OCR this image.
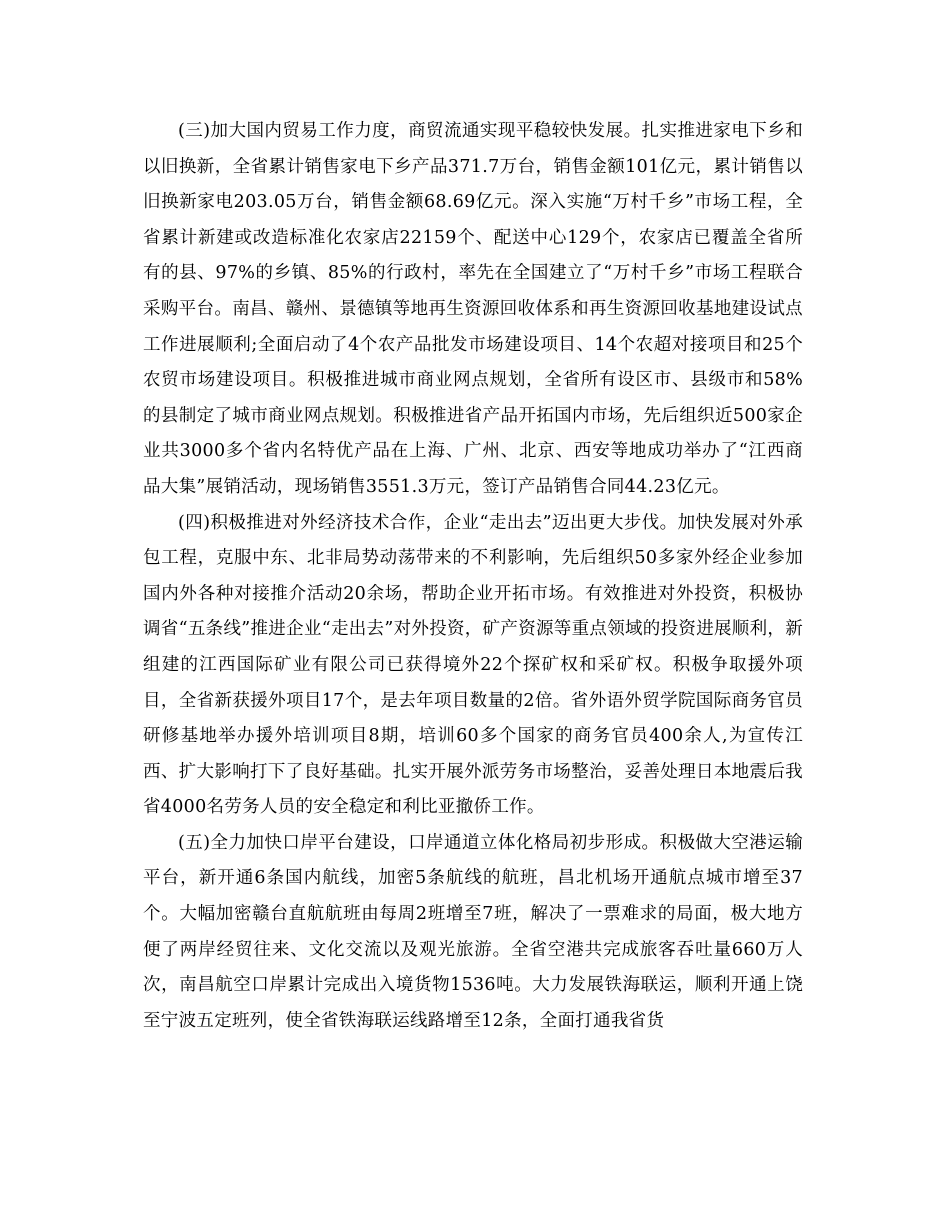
(三)加大国内贸易工作力度，商贸流通实现平稳较快发展。扎实推进家电下乡和以旧换新，全省累计销售家电下乡产品371.7万台，销售金额101亿元，累计销售以旧换新家电203.05万台，销售金额68.69亿元。深入实施“万村千乡”市场工程，全省累计新建或改造标准化农家店22159个、配送中心129个，农家店已覆盖全省所有的县、97%的乡镇、85%的行政村，率先在全国建立了“万村千乡”市场工程联合采购平台。南昌、赣州、景德镇等地再生资源回收体系和再生资源回收基地建设试点工作进展顺利;全面启动了4个农产品批发市场建设项目、14个农超对接项目和25个农贸市场建设项目。积极推进城市商业网点规划，全省所有设区市、县级市和58%的县制定了城市商业网点规划。积极推进省产品开拓国内市场，先后组织近500家企业共3000多个省内名特优产品在上海、广州、北京、西安等地成功举办了“江西商品大集”展销活动，现场销售3551.3万元，签订产品销售合同44.23亿元。

(四)积极推进对外经济技术合作，企业“走出去”迈出更大步伐。加快发展对外承包工程，克服中东、北非局势动荡带来的不利影响，先后组织50多家外经企业参加国内外各种对接推介活动20余场，帮助企业开拓市场。有效推进对外投资，积极协调省“五条线”推进企业“走出去”对外投资，矿产资源等重点领域的投资进展顺利，新组建的江西国际矿业有限公司已获得境外22个探矿权和采矿权。积极争取援外项目，全省新获援外项目17个，是去年项目数量的2倍。省外语外贸学院国际商务官员研修基地举办援外培训项目8期，培训60多个国家的商务官员400余人,为宣传江西、扩大影响打下了良好基础。扎实开展外派劳务市场整治，妥善处理日本地震后我省4000名劳务人员的安全稳定和利比亚撤侨工作。

(五)全力加快口岸平台建设，口岸通道立体化格局初步形成。积极做大空港运输平台，新开通6条国内航线，加密5条航线的航班，昌北机场开通航点城市增至37个。大幅加密赣台直航航班由每周2班增至7班，解决了一票难求的局面，极大地方便了两岸经贸往来、文化交流以及观光旅游。全省空港共完成旅客吞吐量660万人次，南昌航空口岸累计完成出入境货物1536吨。大力发展铁海联运，顺利开通上饶至宁波五定班列，使全省铁海联运线路增至12条，全面打通我省货
